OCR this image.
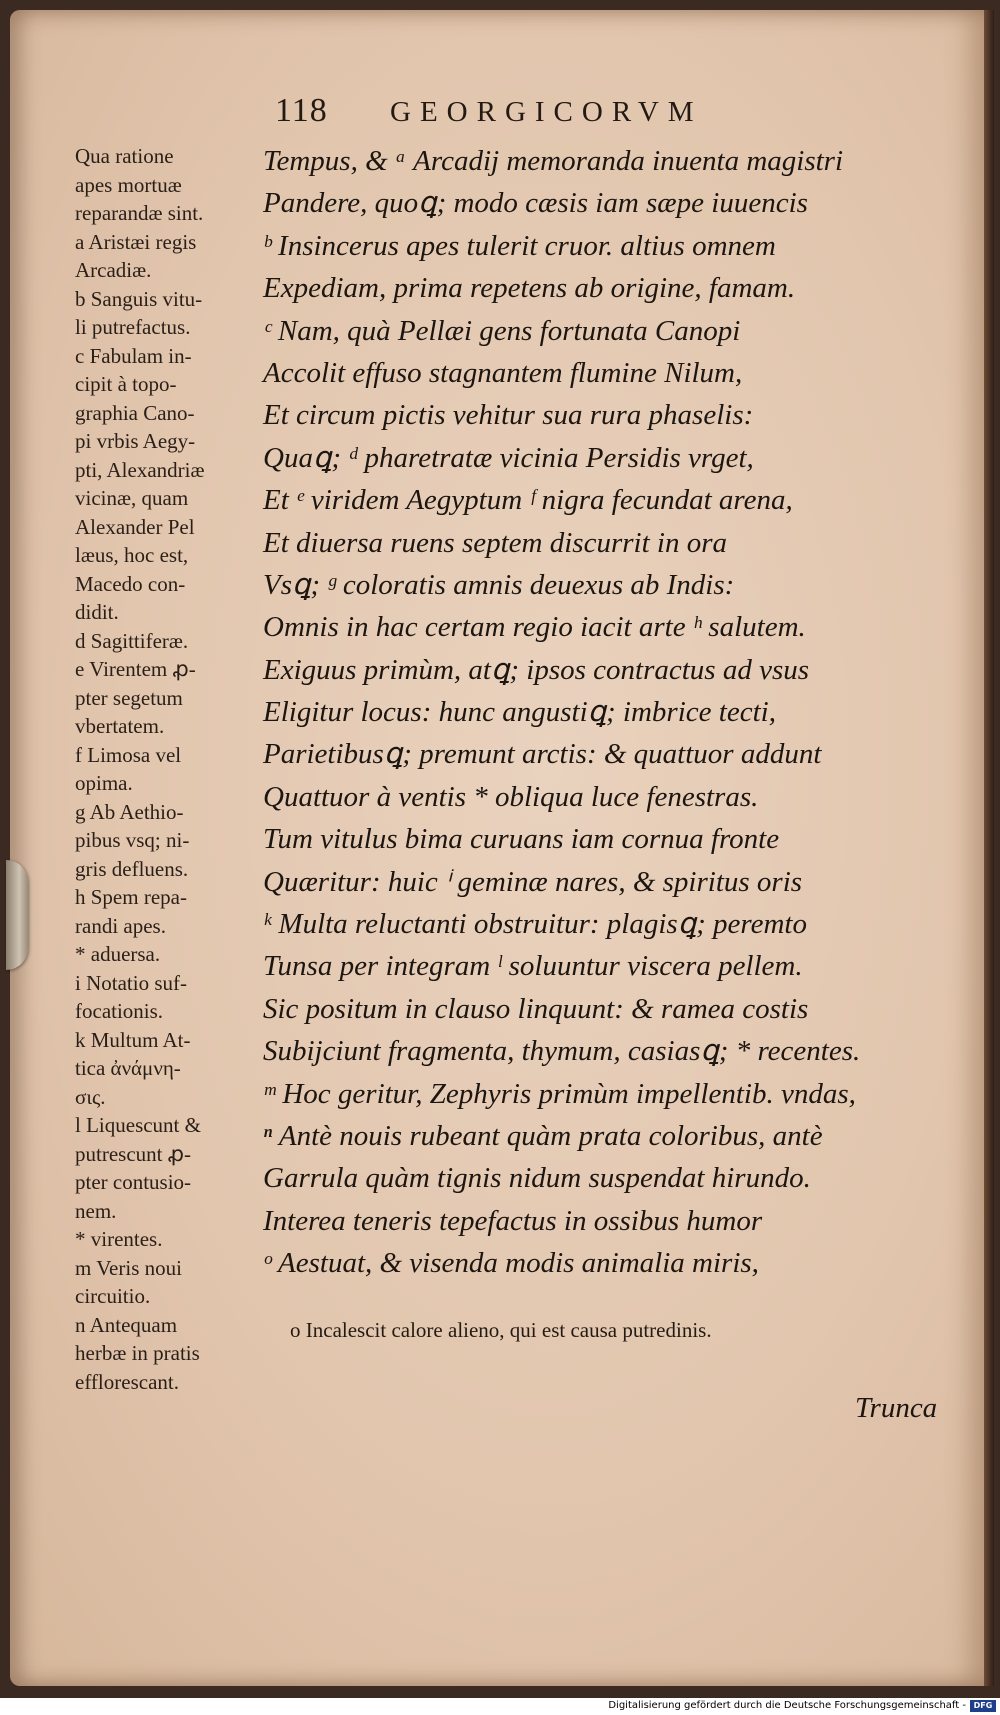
118 GEORGICORVM
Qua ratione
apes mortuæ
reparandæ sint.
a Aristæi regis
Arcadiæ.
b Sanguis vitu-
li putrefactus.
c Fabulam in-
cipit à topo-
graphia Cano-
pi vrbis Aegy-
pti, Alexandriæ
vicinæ, quam
Alexander Pel
læus, hoc est,
Macedo con-
didit.
d Sagittiferæ.
e Virentem ꝓ-
pter segetum
vbertatem.
f Limosa vel
opima.
g Ab Aethio-
pibus vsq; ni-
gris defluens.
h Spem repa-
randi apes.
* aduersa.
i Notatio suf-
focationis.
k Multum At-
tica ἀνάμνη-
σις.
l Liquescunt &
putrescunt ꝓ-
pter contusio-
nem.
* virentes.
m Veris noui
circuitio.
n Antequam
herbæ in pratis
efflorescant.
Tempus, & ᵃ Arcadij memoranda inuenta magistri
Pandere, quoꝗ; modo cæsis iam sæpe iuuencis
ᵇ Insincerus apes tulerit cruor. altius omnem
Expediam, prima repetens ab origine, famam.
ᶜ Nam, quà Pellæi gens fortunata Canopi
Accolit effuso stagnantem flumine Nilum,
Et circum pictis vehitur sua rura phaselis:
Quaꝗ; ᵈ pharetratæ vicinia Persidis vrget,
Et ᵉ viridem Aegyptum ᶠ nigra fecundat arena,
Et diuersa ruens septem discurrit in ora
Vsꝗ; ᵍ coloratis amnis deuexus ab Indis:
Omnis in hac certam regio iacit arte ʰ salutem.
Exiguus primùm, atꝗ; ipsos contractus ad vsus
Eligitur locus: hunc angustiꝗ; imbrice tecti,
Parietibusꝗ; premunt arctis: & quattuor addunt
Quattuor à ventis * obliqua luce fenestras.
Tum vitulus bima curuans iam cornua fronte
Quæritur: huic ⁱ geminæ nares, & spiritus oris
ᵏ Multa reluctanti obstruitur: plagisꝗ; peremto
Tunsa per integram ˡ soluuntur viscera pellem.
Sic positum in clauso linquunt: & ramea costis
Subijciunt fragmenta, thymum, casiasꝗ; * recentes.
ᵐ Hoc geritur, Zephyris primùm impellentib. vndas,
ⁿ Antè nouis rubeant quàm prata coloribus, antè
Garrula quàm tignis nidum suspendat hirundo.
Interea teneris tepefactus in ossibus humor
ᵒ Aestuat, & visenda modis animalia miris,
o Incalescit calore alieno, qui est causa putredinis.
Trunca
Digitalisierung gefördert durch die Deutsche Forschungsgemeinschaft - DFG
